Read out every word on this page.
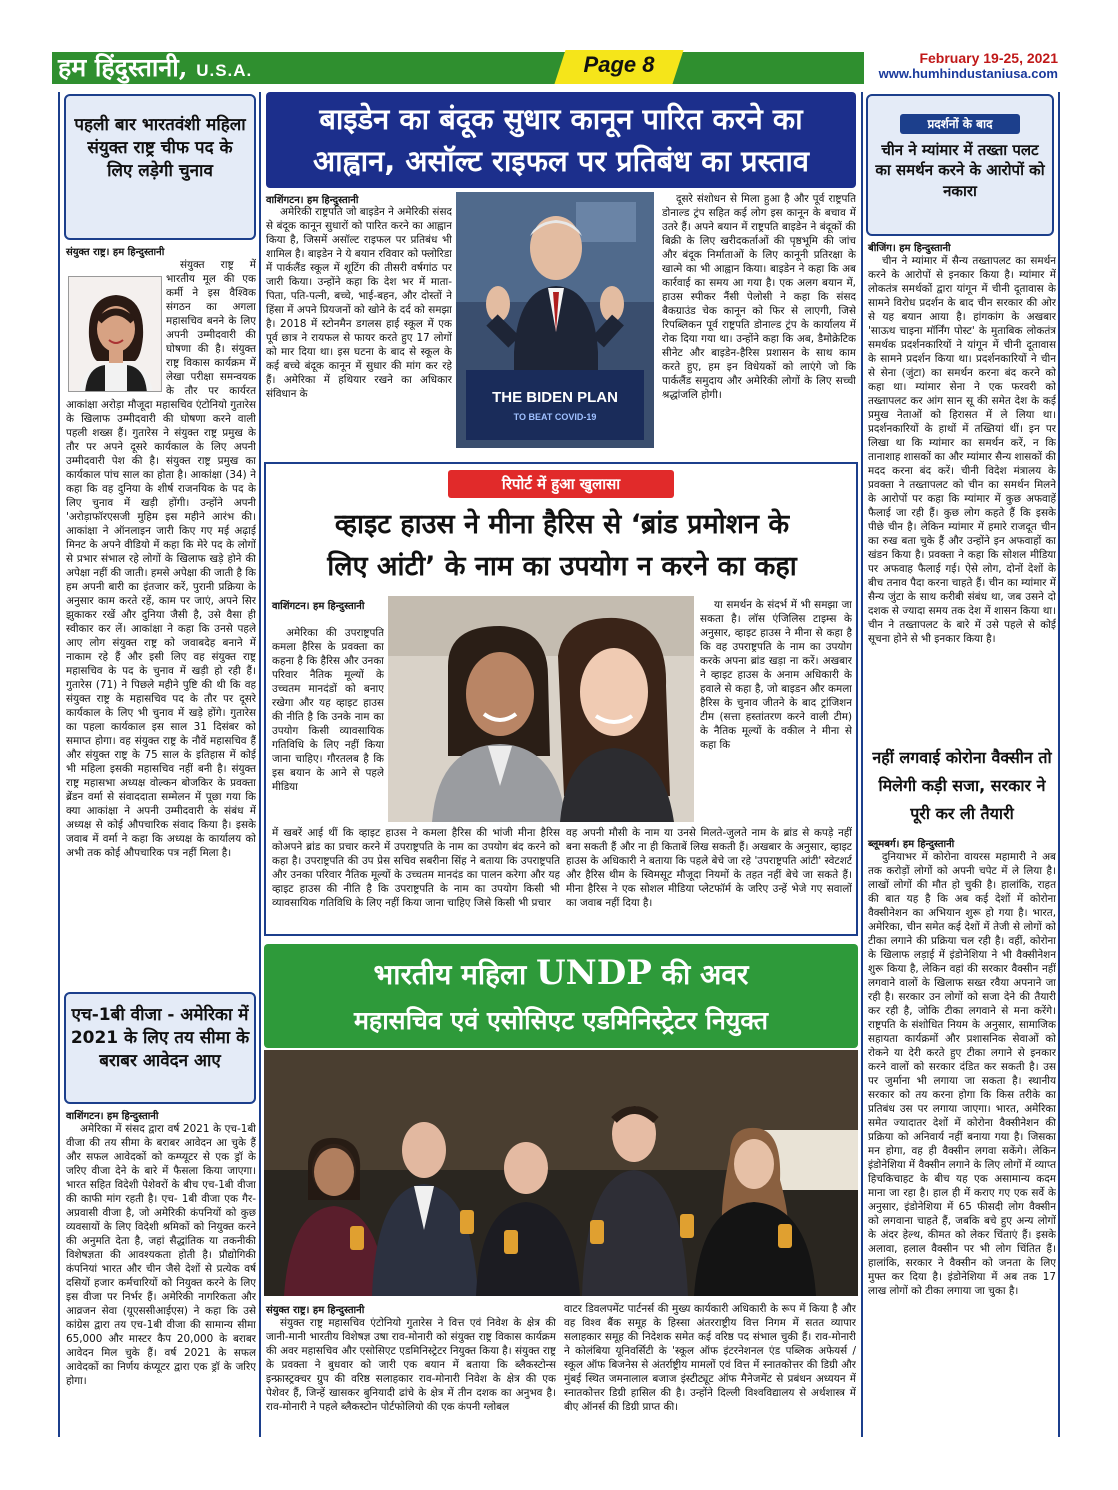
हम हिंदुस्तानी, U.S.A.	Page 8	February 19-25, 2021
www.humhindustaniusa.com
पहली बार भारतवंशी महिला संयुक्त राष्ट्र चीफ पद के लिए लड़ेगी चुनाव
संयुक्त राष्ट्र। हम हिन्दुस्तानी

संयुक्त राष्ट्र में भारतीय मूल की एक कर्मी ने इस वैश्विक संगठन का अगला महासचिव बनने के लिए अपनी उम्मीदवारी की घोषणा की है। संयुक्त राष्ट्र विकास कार्यक्रम में लेखा परीक्षा समन्वयक के तौर पर कार्यरत आकांक्षा अरोड़ा मौजूदा महासचिव एंटोनियो गुतारेस के खिलाफ उम्मीदवारी की घोषणा करने वाली पहली शख्स हैं। गुतारेस ने संयुक्त राष्ट्र प्रमुख के तौर पर अपने दूसरे कार्यकाल के लिए अपनी उम्मीदवारी पेश की है। संयुक्त राष्ट्र प्रमुख का कार्यकाल पांच साल का होता है। आकांक्षा (34) ने कहा कि वह दुनिया के शीर्ष राजनयिक के पद के लिए चुनाव में खड़ी होंगी। उन्होंने अपनी 'अरोड़ाफॉरएसजी मुहिम इस महीने आरंभ की। आकांक्षा ने ऑनलाइन जारी किए गए मई अढ़ाई मिनट के अपने वीडियो में कहा कि मेरे पद के लोगों से प्रभार संभाल रहे लोगों के खिलाफ खड़े होने की अपेक्षा नहीं की जाती। हमसे अपेक्षा की जाती है कि हम अपनी बारी का इंतजार करें, पुरानी प्रक्रिया के अनुसार काम करते रहें, काम पर जाएं, अपने सिर झुकाकर रखें और दुनिया जैसी है, उसे वैसा ही स्वीकार कर लें। आकांक्षा ने कहा कि उनसे पहले आए लोग संयुक्त राष्ट्र को जवाबदेह बनाने में नाकाम रहे हैं और इसी लिए वह संयुक्त राष्ट्र महासचिव के पद के चुनाव में खड़ी हो रही हैं। गुतारेस (71) ने पिछले महीने पुष्टि की थी कि वह संयुक्त राष्ट्र के महासचिव पद के तौर पर दूसरे कार्यकाल के लिए भी चुनाव में खड़े होंगे। गुतारेस का पहला कार्यकाल इस साल 31 दिसंबर को समाप्त होगा। वह संयुक्त राष्ट्र के नौवें महासचिव हैं और संयुक्त राष्ट्र के 75 साल के इतिहास में कोई भी महिला इसकी महासचिव नहीं बनी है। संयुक्त राष्ट्र महासभा अध्यक्ष वोल्कन बोजकिर के प्रवक्ता ब्रेंडन वर्मा से संवाददाता सम्मेलन में पूछा गया कि क्या आकांक्षा ने अपनी उम्मीदवारी के संबंध में अध्यक्ष से कोई औपचारिक संवाद किया है। इसके जवाब में वर्मा ने कहा कि अध्यक्ष के कार्यालय को अभी तक कोई औपचारिक पत्र नहीं मिला है।

एच-1बी वीजा - अमेरिका में 2021 के लिए तय सीमा के बराबर आवेदन आए
वाशिंगटन। हम हिन्दुस्तानी

अमेरिका में संसद द्वारा वर्ष 2021 के एच-1बी वीजा की तय सीमा के बराबर आवेदन आ चुके हैं और सफल आवेदकों को कम्प्यूटर से एक ड्रॉ के जरिए वीजा देने के बारे में फैसला किया जाएगा। भारत सहित विदेशी पेशेवरों के बीच एच-1बी वीजा की काफी मांग रहती है। एच- 1बी वीजा एक गैर-अप्रवासी वीजा है, जो अमेरिकी कंपनियों को कुछ व्यवसायों के लिए विदेशी श्रमिकों को नियुक्त करने की अनुमति देता है, जहां सैद्धांतिक या तकनीकी विशेषज्ञता की आवश्यकता होती है। प्रौद्योगिकी कंपनियां भारत और चीन जैसे देशों से प्रत्येक वर्ष दसियों हजार कर्मचारियों को नियुक्त करने के लिए इस वीजा पर निर्भर हैं। अमेरिकी नागरिकता और आव्रजन सेवा (यूएससीआईएस) ने कहा कि उसे कांग्रेस द्वारा तय एच-1बी वीजा की सामान्य सीमा 65,000 और मास्टर कैप 20,000 के बराबर आवेदन मिल चुके हैं। वर्ष 2021 के सफल आवेदकों का निर्णय कंप्यूटर द्वारा एक ड्रॉ के जरिए होगा।

बाइडेन का बंदूक सुधार कानून पारित करने का
आह्वान, असॉल्ट राइफल पर प्रतिबंध का प्रस्ताव
वाशिंगटन। हम हिन्दुस्तानी

अमेरिकी राष्ट्रपति जो बाइडेन ने अमेरिकी संसद से बंदूक कानून सुधारों को पारित करने का आह्वान किया है, जिसमें असॉल्ट राइफल पर प्रतिबंध भी शामिल है। बाइडेन ने ये बयान रविवार को फ्लोरिडा में पार्कलैंड स्कूल में शूटिंग की तीसरी वर्षगांठ पर जारी किया। उन्होंने कहा कि देश भर में माता-पिता, पति-पत्नी, बच्चे, भाई-बहन, और दोस्तों ने हिंसा में अपने प्रियजनों को खोने के दर्द को समझा है। 2018 में स्टोनमैन डगलस हाई स्कूल में एक पूर्व छात्र ने रायफल से फायर करते हुए 17 लोगों को मार दिया था। इस घटना के बाद से स्कूल के कई बच्चे बंदूक कानून में सुधार की मांग कर रहे हैं। अमेरिका में हथियार रखने का अधिकार संविधान के	THE BIDEN PLAN
TO BEAT COVID-19

दूसरे संशोधन से मिला हुआ है और पूर्व राष्ट्रपति डोनाल्ड ट्रंप सहित कई लोग इस कानून के बचाव में उतरे हैं। अपने बयान में राष्ट्रपति बाइडेन ने बंदूकों की बिक्री के लिए खरीदकर्ताओं की पृष्ठभूमि की जांच और बंदूक निर्माताओं के लिए कानूनी प्रतिरक्षा के खात्मे का भी आह्वान किया। बाइडेन ने कहा कि अब कार्रवाई का समय आ गया है। एक अलग बयान में, हाउस स्पीकर नैंसी पेलोसी ने कहा कि संसद बैकग्राउंड चेक कानून को फिर से लाएगी, जिसे रिपब्लिकन पूर्व राष्ट्रपति डोनाल्ड ट्रंप के कार्यालय में रोक दिया गया था। उन्होंने कहा कि अब, डैमोक्रेटिक सीनेट और बाइडेन-हैरिस प्रशासन के साथ काम करते हुए, हम इन विधेयकों को लाएंगे जो कि पार्कलैंड समुदाय और अमेरिकी लोगों के लिए सच्ची श्रद्धांजलि होगी।

रिपोर्ट में हुआ खुलासा
व्हाइट हाउस ने मीना हैरिस से ‘ब्रांड प्रमोशन के
लिए आंटी’ के नाम का उपयोग न करने का कहा
वाशिंगटन। हम हिन्दुस्तानी

अमेरिका की उपराष्ट्रपति कमला हैरिस के प्रवक्ता का कहना है कि हैरिस और उनका परिवार नैतिक मूल्यों के उच्चतम मानदंडों को बनाए रखेगा और यह व्हाइट हाउस की नीति है कि उनके नाम का उपयोग किसी व्यावसायिक गतिविधि के लिए नहीं किया जाना चाहिए। गौरतलब है कि इस बयान के आने से पहले मीडिया

या समर्थन के संदर्भ में भी समझा जा सकता है। लॉस एंजिलिस टाइम्स के अनुसार, व्हाइट हाउस ने मीना से कहा है कि वह उपराष्ट्रपति के नाम का उपयोग करके अपना ब्रांड खड़ा ना करें। अखबार ने व्हाइट हाउस के अनाम अधिकारी के हवाले से कहा है, जो बाइडन और कमला हैरिस के चुनाव जीतने के बाद ट्रांजिशन टीम (सत्ता हस्तांतरण करने वाली टीम) के नैतिक मूल्यों के वकील ने मीना से कहा कि

में खबरें आई थीं कि व्हाइट हाउस ने कमला हैरिस की भांजी मीना हैरिस कोअपने ब्रांड का प्रचार करने में उपराष्ट्रपति के नाम का उपयोग बंद करने को कहा है। उपराष्ट्रपति की उप प्रेस सचिव सबरीना सिंह ने बताया कि उपराष्ट्रपति और उनका परिवार नैतिक मूल्यों के उच्चतम मानदंड का पालन करेगा और यह व्हाइट हाउस की नीति है कि उपराष्ट्रपति के नाम का उपयोग किसी भी व्यावसायिक गतिविधि के लिए नहीं किया जाना चाहिए जिसे किसी भी प्रचार

वह अपनी मौसी के नाम या उनसे मिलते-जुलते नाम के ब्रांड से कपड़े नहीं बना सकती हैं और ना ही किताबें लिख सकती हैं। अखबार के अनुसार, व्हाइट हाउस के अधिकारी ने बताया कि पहले बेचे जा रहे 'उपराष्ट्रपति आंटी' स्वेटशर्ट और हैरिस थीम के स्विमसूट मौजूदा नियमों के तहत नहीं बेचे जा सकते हैं। मीना हैरिस ने एक सोशल मीडिया प्लेटफॉर्म के जरिए उन्हें भेजे गए सवालों का जवाब नहीं दिया है।

भारतीय महिला UNDP की अवर
महासचिव एवं एसोसिएट एडमिनिस्ट्रेटर नियुक्त
संयुक्त राष्ट्र। हम हिन्दुस्तानी

संयुक्त राष्ट्र महासचिव एंटोनियो गुतारेस ने वित्त एवं निवेश के क्षेत्र की जानी-मानी भारतीय विशेषज्ञ उषा राव-मोनारी को संयुक्त राष्ट्र विकास कार्यक्रम की अवर महासचिव और एसोसिएट एडमिनिस्ट्रेटर नियुक्त किया है। संयुक्त राष्ट्र के प्रवक्ता ने बुधवार को जारी एक बयान में बताया कि ब्लैकस्टोन्स इन्फ्रास्ट्रक्चर ग्रुप की वरिष्ठ सलाहकार राव-मोनारी निवेश के क्षेत्र की एक पेशेवर हैं, जिन्हें खासकर बुनियादी ढांचे के क्षेत्र में तीन दशक का अनुभव है। राव-मोनारी ने पहले ब्लैकस्टोन पोर्टफोलियो की एक कंपनी ग्लोबल

वाटर डिवलपमेंट पार्टनर्स की मुख्य कार्यकारी अधिकारी के रूप में किया है और वह विश्व बैंक समूह के हिस्सा अंतरराष्ट्रीय वित्त निगम में सतत व्यापार सलाहकार समूह की निदेशक समेत कई वरिष्ठ पद संभाल चुकी हैं। राव-मोनारी ने कोलंबिया यूनिवर्सिटी के 'स्कूल ऑफ इंटरनेशनल एंड पब्लिक अफेयर्स / स्कूल ऑफ बिजनेस से अंतर्राष्ट्रीय मामलों एवं वित्त में स्नातकोत्तर की डिग्री और मुंबई स्थित जमनालाल बजाज इंस्टीट्यूट ऑफ मैनेजमेंट से प्रबंधन अध्ययन में स्नातकोत्तर डिग्री हासिल की है। उन्होंने दिल्ली विश्वविद्यालय से अर्थशास्त्र में बीए ऑनर्स की डिग्री प्राप्त की।

प्रदर्शनों के बाद
चीन ने म्यांमार में तख्ता पलट का समर्थन करने के आरोपों को नकारा
बीजिंग। हम हिन्दुस्तानी

चीन ने म्यांमार में सैन्य तख्तापलट का समर्थन करने के आरोपों से इनकार किया है। म्यांमार में लोकतंत्र समर्थकों द्वारा यांगून में चीनी दूतावास के सामने विरोध प्रदर्शन के बाद चीन सरकार की ओर से यह बयान आया है। हांगकांग के अखबार 'साऊथ चाइना मॉर्निंग पोस्ट' के मुताबिक लोकतंत्र समर्थक प्रदर्शनकारियों ने यांगून में चीनी दूतावास के सामने प्रदर्शन किया था। प्रदर्शनकारियों ने चीन से सेना (जुंटा) का समर्थन करना बंद करने को कहा था। म्यांमार सेना ने एक फरवरी को तख्तापलट कर आंग सान सू की समेत देश के कई प्रमुख नेताओं को हिरासत में ले लिया था। प्रदर्शनकारियों के हाथों में तख्तियां थीं। इन पर लिखा था कि म्यांमार का समर्थन करें, न कि तानाशाह शासकों का और म्यांमार सैन्य शासकों की मदद करना बंद करें। चीनी विदेश मंत्रालय के प्रवक्ता ने तख्तापलट को चीन का समर्थन मिलने के आरोपों पर कहा कि म्यांमार में कुछ अफवाहें फैलाई जा रही हैं। कुछ लोग कहते हैं कि इसके पीछे चीन है। लेकिन म्यांमार में हमारे राजदूत चीन का रुख बता चुके हैं और उन्होंने इन अफवाहों का खंडन किया है। प्रवक्ता ने कहा कि सोशल मीडिया पर अफवाह फैलाई गई। ऐसे लोग, दोनों देशों के बीच तनाव पैदा करना चाहते हैं। चीन का म्यांमार में सैन्य जुंटा के साथ करीबी संबंध था, जब उसने दो दशक से ज्यादा समय तक देश में शासन किया था। चीन ने तख्तापलट के बारे में उसे पहले से कोई सूचना होने से भी इनकार किया है।

नहीं लगवाई कोरोना वैक्सीन तो मिलेगी कड़ी सजा, सरकार ने पूरी कर ली तैयारी
ब्लूमबर्ग। हम हिन्दुस्तानी

दुनियाभर में कोरोना वायरस महामारी ने अब तक करोड़ों लोगों को अपनी चपेट में ले लिया है। लाखों लोगों की मौत हो चुकी है। हालांकि, राहत की बात यह है कि अब कई देशों में कोरोना वैक्सीनेशन का अभियान शुरू हो गया है। भारत, अमेरिका, चीन समेत कई देशों में तेजी से लोगों को टीका लगाने की प्रक्रिया चल रही है। वहीं, कोरोना के खिलाफ लड़ाई में इंडोनेशिया ने भी वैक्सीनेशन शुरू किया है, लेकिन वहां की सरकार वैक्सीन नहीं लगवाने वालों के खिलाफ सख्त रवैया अपनाने जा रही है। सरकार उन लोगों को सजा देने की तैयारी कर रही है, जोकि टीका लगवाने से मना करेंगे। राष्ट्रपति के संशोधित नियम के अनुसार, सामाजिक सहायता कार्यक्रमों और प्रशासनिक सेवाओं को रोकने या देरी करते हुए टीका लगाने से इनकार करने वालों को सरकार दंडित कर सकती है। उस पर जुर्माना भी लगाया जा सकता है। स्थानीय सरकार को तय करना होगा कि किस तरीके का प्रतिबंध उस पर लगाया जाएगा। भारत, अमेरिका समेत ज्यादातर देशों में कोरोना वैक्सीनेशन की प्रक्रिया को अनिवार्य नहीं बनाया गया है। जिसका मन होगा, वह ही वैक्सीन लगवा सकेंगे। लेकिन इंडोनेशिया में वैक्सीन लगाने के लिए लोगों में व्याप्त हिचकिचाहट के बीच यह एक असामान्य कदम माना जा रहा है। हाल ही में कराए गए एक सर्वे के अनुसार, इंडोनेशिया में 65 फीसदी लोग वैक्सीन को लगवाना चाहते हैं, जबकि बचे हुए अन्य लोगों के अंदर हेल्थ, कीमत को लेकर चिंताएं हैं। इसके अलावा, हलाल वैक्सीन पर भी लोग चिंतित हैं। हालांकि, सरकार ने वैक्सीन को जनता के लिए मुफ्त कर दिया है। इंडोनेशिया में अब तक 17 लाख लोगों को टीका लगाया जा चुका है।
